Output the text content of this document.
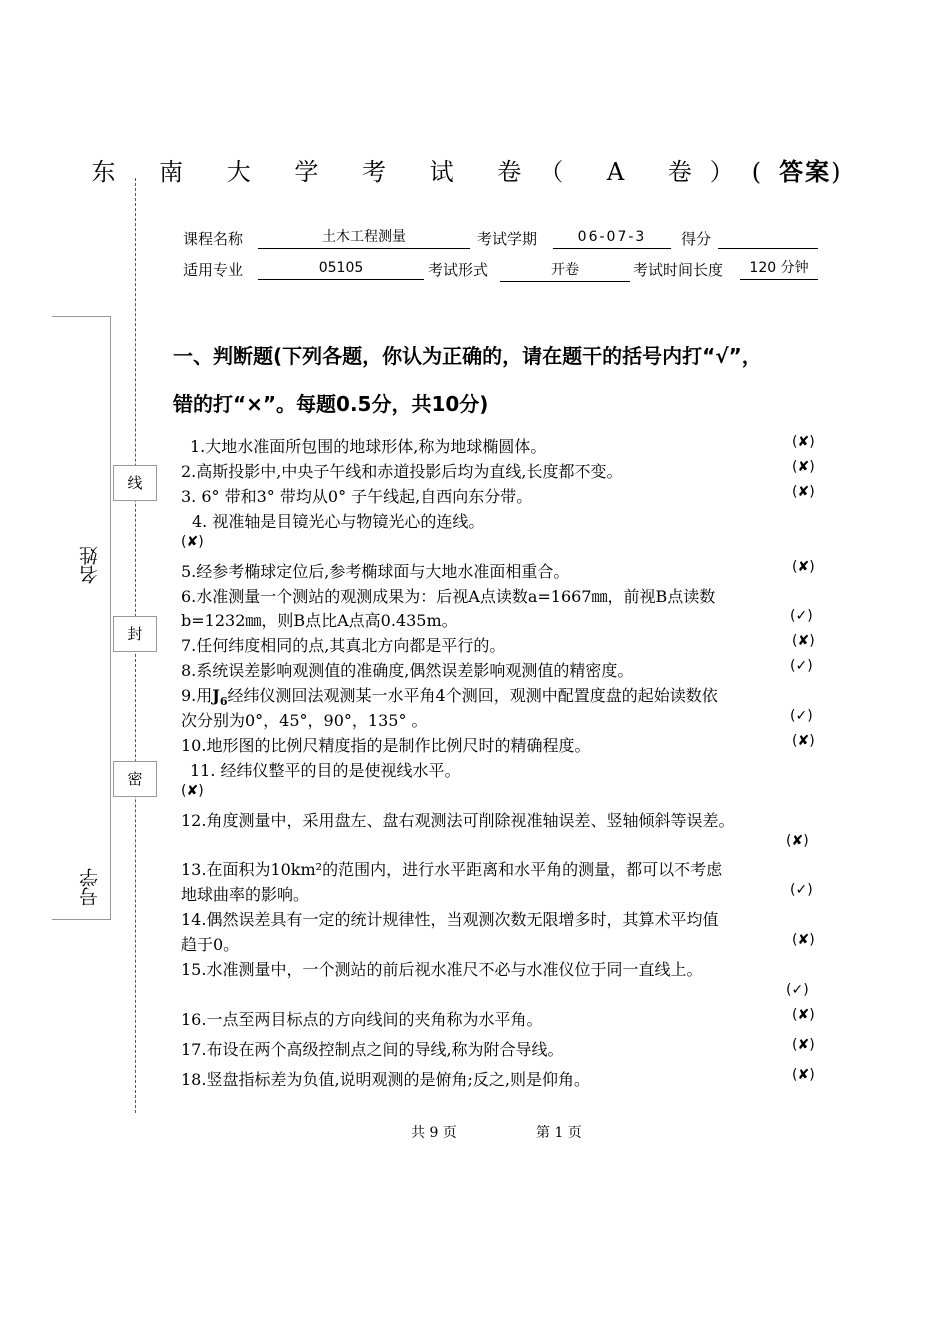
线
封
密
名姓
号学
东 南 大 学 考 试 卷（ A 卷）(答案)
课程名称	土木工程测量	考试学期	06-07-3	得分
适用专业	05105	考试形式	开卷	考试时间长度	120 分钟
一、判断题(下列各题，你认为正确的，请在题干的括号内打“√”，
错的打“×”。每题0.5分，共10分)
1.大地水准面所包围的地球形体,称为地球椭圆体。	(✘)
2.高斯投影中,中央子午线和赤道投影后均为直线,长度都不变。	(✘)
3. 6° 带和3° 带均从0° 子午线起,自西向东分带。	(✘)
4. 视准轴是目镜光心与物镜光心的连线。
(✘)
5.经参考椭球定位后,参考椭球面与大地水准面相重合。	(✘)
6.水准测量一个测站的观测成果为：后视A点读数a=1667㎜，前视B点读数
b=1232㎜，则B点比A点高0.435m。	(✓)
7.任何纬度相同的点,其真北方向都是平行的。	(✘)
8.系统误差影响观测值的准确度,偶然误差影响观测值的精密度。	(✓)
9.用$J_6$经纬仪测回法观测某一水平角4个测回，观测中配置度盘的起始读数依
次分别为0°，45°，90°，135° 。	(✓)
10.地形图的比例尺精度指的是制作比例尺时的精确程度。	(✘)
11. 经纬仪整平的目的是使视线水平。
(✘)
12.角度测量中，采用盘左、盘右观测法可削除视准轴误差、竖轴倾斜等误差。
(✘)
13.在面积为10km²的范围内，进行水平距离和水平角的测量，都可以不考虑
地球曲率的影响。	(✓)
14.偶然误差具有一定的统计规律性，当观测次数无限增多时，其算术平均值
趋于0。	(✘)
15.水准测量中，一个测站的前后视水准尺不必与水准仪位于同一直线上。
(✓)
16.一点至两目标点的方向线间的夹角称为水平角。	(✘)
17.布设在两个高级控制点之间的导线,称为附合导线。	(✘)
18.竖盘指标差为负值,说明观测的是俯角;反之,则是仰角。	(✘)
共 9 页	第 1 页
